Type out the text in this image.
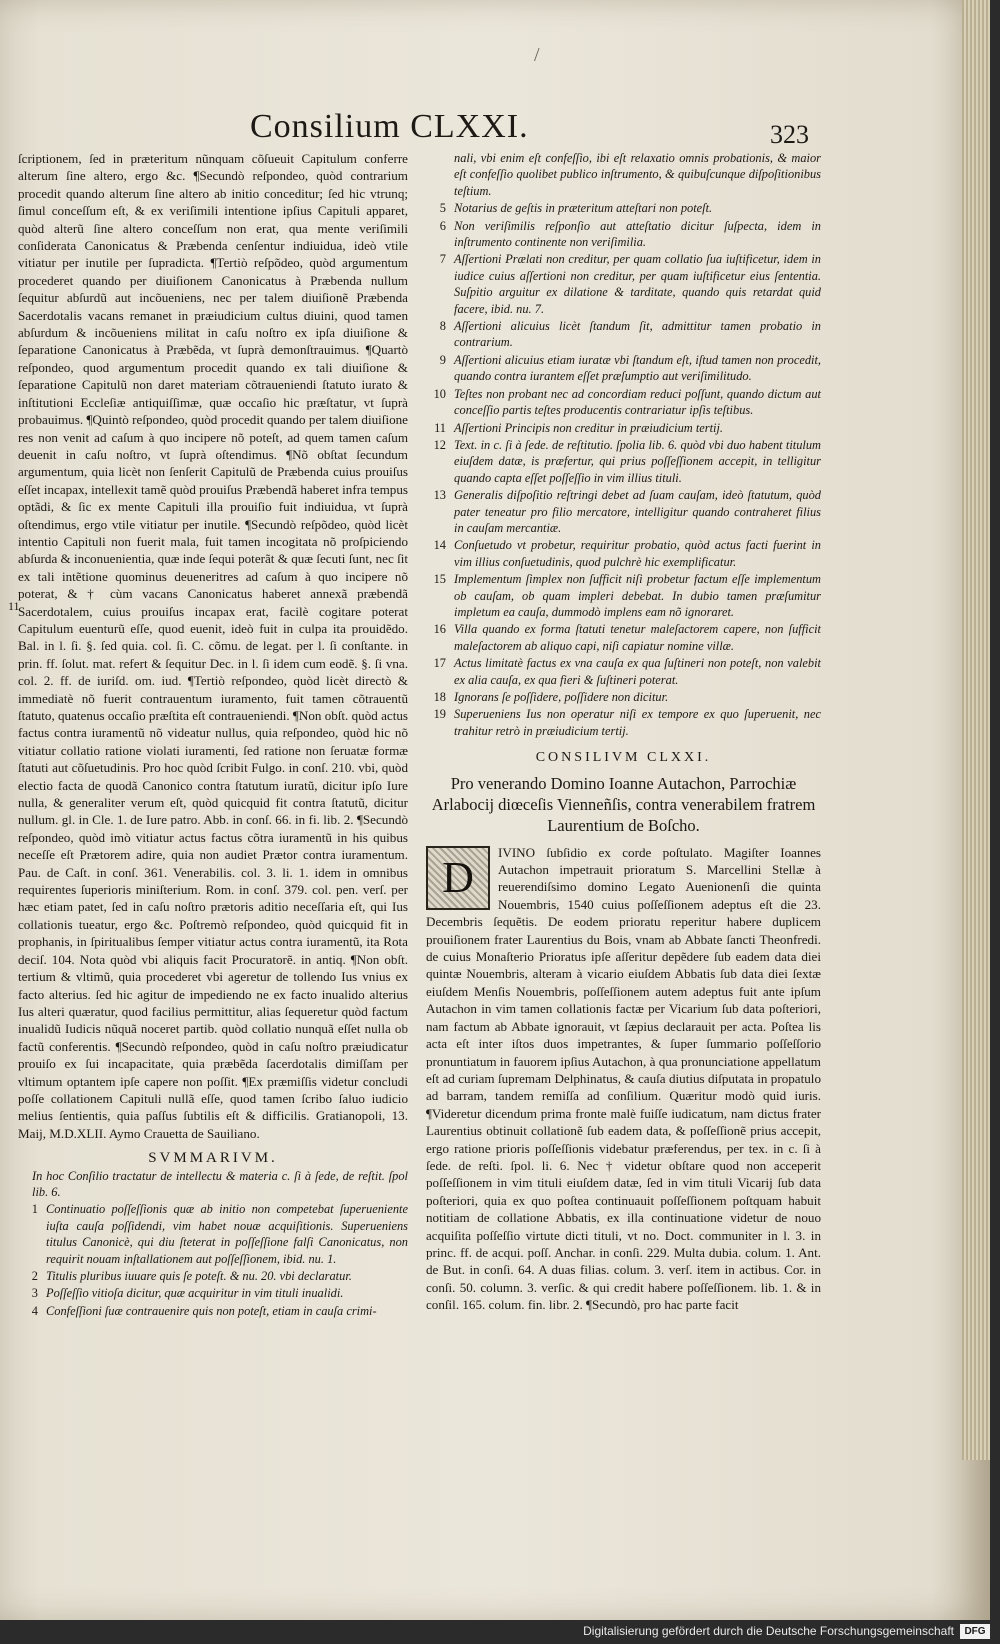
/
Consilium CLXXI.	323
11

ſcriptionem, ſed in præteritum nũnquam cõſueuit Capitulum conferre alterum ſine altero, ergo &c. ¶Secundò reſpondeo, quòd contrarium procedit quando alterum ſine altero ab initio conceditur; ſed hic vtrunq; ſimul conceſſum eſt, & ex veriſimili intentione ipſius Capituli apparet, quòd alterũ ſine altero conceſſum non erat, qua mente veriſimili conſiderata Canonicatus & Præbenda cenſentur indiuidua, ideò vtile vitiatur per inutile per ſupradicta. ¶Tertiò reſpõdeo, quòd argumentum procederet quando per diuiſionem Canonicatus à Præbenda nullum ſequitur abſurdũ aut incõueniens, nec per talem diuiſionẽ Præbenda Sacerdotalis vacans remanet in præiudicium cultus diuini, quod tamen abſurdum & incõueniens militat in caſu noſtro ex ipſa diuiſione & ſeparatione Canonicatus à Præbẽda, vt ſuprà demonſtrauimus. ¶Quartò reſpondeo, quod argumentum procedit quando ex tali diuiſione & ſeparatione Capitulũ non daret materiam cõtraueniendi ſtatuto iurato & inſtitutioni Eccleſiæ antiquiſſimæ, quæ occaſio hic præſtatur, vt ſuprà probauimus. ¶Quintò reſpondeo, quòd procedit quando per talem diuiſione res non venit ad caſum à quo incipere nõ poteſt, ad quem tamen caſum deuenit in caſu noſtro, vt ſuprà oſtendimus. ¶Nõ obſtat ſecundum argumentum, quia licèt non ſenſerit Capitulũ de Præbenda cuius prouiſus eſſet incapax, intellexit tamẽ quòd prouiſus Præbendã haberet infra tempus optãdi, & ſic ex mente Capituli illa prouiſio fuit indiuidua, vt ſuprà oſtendimus, ergo vtile vitiatur per inutile. ¶Secundò reſpõdeo, quòd licèt intentio Capituli non fuerit mala, fuit tamen incogitata nõ proſpiciendo abſurda & inconuenientia, quæ inde ſequi poterãt & quæ ſecuti ſunt, nec ſit ex tali intẽtione quominus deueneritres ad caſum à quo incipere nõ poterat, & † cùm vacans Canonicatus haberet annexã præbendã Sacerdotalem, cuius prouiſus incapax erat, facilè cogitare poterat Capitulum euenturũ eſſe, quod euenit, ideò fuit in culpa ita prouidẽdo. Bal. in l. ſi. §. ſed quia. col. ſi. C. cõmu. de legat. per l. ſi conſtante. in prin. ff. ſolut. mat. refert & ſequitur Dec. in l. ſi idem cum eodẽ. §. ſi vna. col. 2. ff. de iuriſd. om. iud. ¶Tertiò reſpondeo, quòd licèt directò & immediatè nõ fuerit contrauentum iuramento, fuit tamen cõtrauentũ ſtatuto, quatenus occaſio præſtita eſt contraueniendi. ¶Non obſt. quòd actus factus contra iuramentũ nõ videatur nullus, quia reſpondeo, quòd hic nõ vitiatur collatio ratione violati iuramenti, ſed ratione non ſeruatæ formæ ſtatuti aut cõſuetudinis. Pro hoc quòd ſcribit Fulgo. in conſ. 210. vbi, quòd electio facta de quodã Canonico contra ſtatutum iuratũ, dicitur ipſo Iure nulla, & generaliter verum eſt, quòd quicquid fit contra ſtatutũ, dicitur nullum. gl. in Cle. 1. de Iure patro. Abb. in conſ. 66. in fi. lib. 2. ¶Secundò reſpondeo, quòd imò vitiatur actus factus cõtra iuramentũ in his quibus neceſſe eſt Prætorem adire, quia non audiet Prætor contra iuramentum. Pau. de Caſt. in conſ. 361. Venerabilis. col. 3. li. 1. idem in omnibus requirentes ſuperioris miniſterium. Rom. in conſ. 379. col. pen. verſ. per hæc etiam patet, ſed in caſu noſtro prætoris aditio neceſſaria eſt, qui Ius collationis tueatur, ergo &c. Poſtremò reſpondeo, quòd quicquid fit in prophanis, in ſpiritualibus ſemper vitiatur actus contra iuramentũ, ita Rota deciſ. 104. Nota quòd vbi aliquis facit Procuratorẽ. in antiq. ¶Non obſt. tertium & vltimũ, quia procederet vbi ageretur de tollendo Ius vnius ex facto alterius. ſed hic agitur de impediendo ne ex facto inualido alterius Ius alteri quæratur, quod facilius permittitur, alias ſequeretur quòd factum inualidũ Iudicis nũquã noceret partib. quòd collatio nunquã eſſet nulla ob factũ conferentis. ¶Secundò reſpondeo, quòd in caſu noſtro præiudicatur prouiſo ex ſui incapacitate, quia præbẽda ſacerdotalis dimiſſam per vltimum optantem ipſe capere non poſſit. ¶Ex præmiſſis videtur concludi poſſe collationem Capituli nullã eſſe, quod tamen ſcribo ſaluo iudicio melius ſentientis, quia paſſus ſubtilis eſt & difficilis. Gratianopoli, 13. Maij, M.D.XLII. Aymo Crauetta de Sauiliano.

SVMMARIVM.
In hoc Conſilio tractatur de intellectu & materia c. ſi à ſede, de reſtit. ſpol lib. 6.
1 Continuatio poſſeſſionis quæ ab initio non competebat ſuperueniente iuſta cauſa poſſidendi, vim habet nouæ acquiſitionis. Superueniens titulus Canonicè, qui diu ſteterat in poſſeſſione falſi Canonicatus, non requirit nouam inſtallationem aut poſſeſſionem, ibid. nu. 1.
2 Titulis pluribus iuuare quis ſe poteſt. & nu. 20. vbi declaratur.
3 Poſſeſſio vitioſa dicitur, quæ acquiritur in vim tituli inualidi.
4 Confeſſioni ſuæ contrauenire quis non poteſt, etiam in cauſa crimi-
nali, vbi enim eſt confeſſio, ibi eſt relaxatio omnis probationis, & maior eſt confeſſio quolibet publico inſtrumento, & quibuſcunque diſpoſitionibus teſtium.
5 Notarius de geſtis in præteritum atteſtari non poteſt.
6 Non veriſimilis reſponſio aut atteſtatio dicitur ſuſpecta, idem in inſtrumento continente non veriſimilia.
7 Aſſertioni Prælati non creditur, per quam collatio ſua iuſtificetur, idem in iudice cuius aſſertioni non creditur, per quam iuſtificetur eius ſententia. Suſpitio arguitur ex dilatione & tarditate, quando quis retardat quid facere, ibid. nu. 7.
8 Aſſertioni alicuius licèt ſtandum ſit, admittitur tamen probatio in contrarium.
9 Aſſertioni alicuius etiam iuratæ vbi ſtandum eſt, iſtud tamen non procedit, quando contra iurantem eſſet præſumptio aut veriſimilitudo.
10 Teſtes non probant nec ad concordiam reduci poſſunt, quando dictum aut conceſſio partis teſtes producentis contrariatur ipſis teſtibus.
11 Aſſertioni Principis non creditur in præiudicium tertij.
12 Text. in c. ſi à ſede. de reſtitutio. ſpolia lib. 6. quòd vbi duo habent titulum eiuſdem datæ, is præfertur, qui prius poſſeſſionem accepit, in telligitur quando capta eſſet poſſeſſio in vim illius tituli.
13 Generalis diſpoſitio reſtringi debet ad ſuam cauſam, ideò ſtatutum, quòd pater teneatur pro filio mercatore, intelligitur quando contraheret filius in cauſam mercantiæ.
14 Conſuetudo vt probetur, requiritur probatio, quòd actus facti fuerint in vim illius conſuetudinis, quod pulchrè hic exemplificatur.
15 Implementum ſimplex non ſufficit niſi probetur factum eſſe implementum ob cauſam, ob quam impleri debebat. In dubio tamen præſumitur impletum ea cauſa, dummodò implens eam nõ ignoraret.
16 Villa quando ex forma ſtatuti tenetur maleſactorem capere, non ſufficit maleſactorem ab aliquo capi, niſi capiatur nomine villæ.
17 Actus limitatè factus ex vna cauſa ex qua ſuſtineri non poteſt, non valebit ex alia cauſa, ex qua fieri & ſuſtineri poterat.
18 Ignorans ſe poſſidere, poſſidere non dicitur.
19 Superueniens Ius non operatur niſi ex tempore ex quo ſuperuenit, nec trahitur retrò in præiudicium tertij.
CONSILIVM CLXXI.
Pro venerando Domino Ioanne Autachon, Parrochiæ Arlabocij diœceſis Vienneñſis, contra venerabilem fratrem Laurentium de Boſcho.

D
IVINO ſubſidio ex corde poſtulato. Magiſter Ioannes Autachon impetrauit prioratum S. Marcellini Stellæ à reuerendiſsimo domino Legato Auenionenſi die quinta Nouembris, 1540 cuius poſſeſſionem adeptus eſt die 23. Decembris ſequẽtis. De eodem prioratu reperitur habere duplicem prouiſionem frater Laurentius du Bois, vnam ab Abbate ſancti Theonfredi. de cuius Monaſterio Prioratus ipſe aſſeritur depẽdere ſub eadem data diei quintæ Nouembris, alteram à vicario eiuſdem Abbatis ſub data diei ſextæ eiuſdem Menſis Nouembris, poſſeſſionem autem adeptus fuit ante ipſum Autachon in vim tamen collationis factæ per Vicarium ſub data poſteriori, nam factum ab Abbate ignorauit, vt ſæpius declarauit per acta. Poſtea lis acta eſt inter iſtos duos impetrantes, & ſuper ſummario poſſeſſorio pronuntiatum in fauorem ipſius Autachon, à qua pronunciatione appellatum eſt ad curiam ſupremam Delphinatus, & cauſa diutius diſputata in propatulo ad barram, tandem remiſſa ad conſilium. Quæritur modò quid iuris. ¶Videretur dicendum prima fronte malè fuiſſe iudicatum, nam dictus frater Laurentius obtinuit collationẽ ſub eadem data, & poſſeſſionẽ prius accepit, ergo ratione prioris poſſeſſionis videbatur præferendus, per tex. in c. ſi à ſede. de reſti. ſpol. li. 6. Nec † videtur obſtare quod non acceperit poſſeſſionem in vim tituli eiuſdem datæ, ſed in vim tituli Vicarij ſub data poſteriori, quia ex quo poſtea continuauit poſſeſſionem poſtquam habuit notitiam de collatione Abbatis, ex illa continuatione videtur de nouo acquiſita poſſeſſio virtute dicti tituli, vt no. Doct. communiter in l. 3. in princ. ff. de acqui. poſſ. Anchar. in conſi. 229. Multa dubia. colum. 1. Ant. de But. in conſi. 64. A duas filias. colum. 3. verſ. item in actibus. Cor. in conſi. 50. column. 3. verſic. & qui credit habere poſſeſſionem. lib. 1. & in conſil. 165. colum. fin. libr. 2. ¶Secundò, pro hac parte facit

Digitalisierung gefördert durch die Deutsche Forschungsgemeinschaft	DFG
